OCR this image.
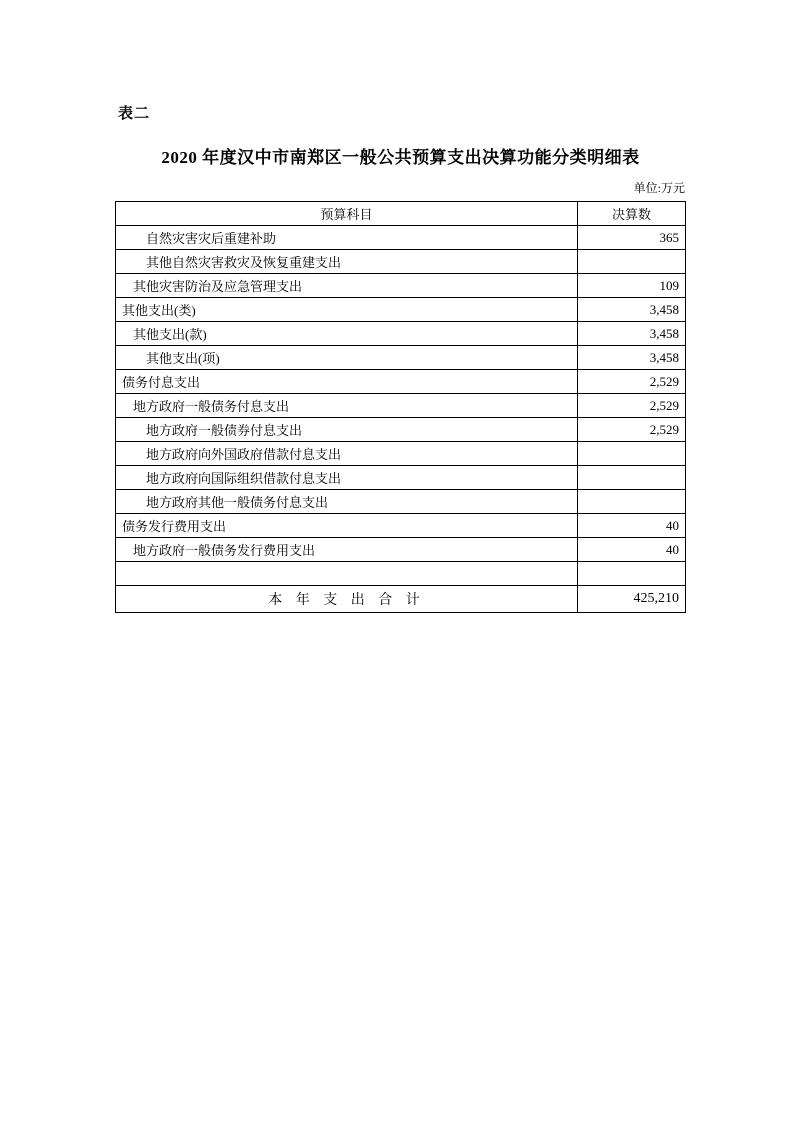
表二
2020 年度汉中市南郑区一般公共预算支出决算功能分类明细表
单位:万元
预算科目	决算数
自然灾害灾后重建补助	365
其他自然灾害救灾及恢复重建支出	
其他灾害防治及应急管理支出	109
其他支出(类)	3,458
其他支出(款)	3,458
其他支出(项)	3,458
债务付息支出	2,529
地方政府一般债务付息支出	2,529
地方政府一般债券付息支出	2,529
地方政府向外国政府借款付息支出	
地方政府向国际组织借款付息支出	
地方政府其他一般债务付息支出	
债务发行费用支出	40
地方政府一般债务发行费用支出	40

本 年 支 出 合 计	425,210
